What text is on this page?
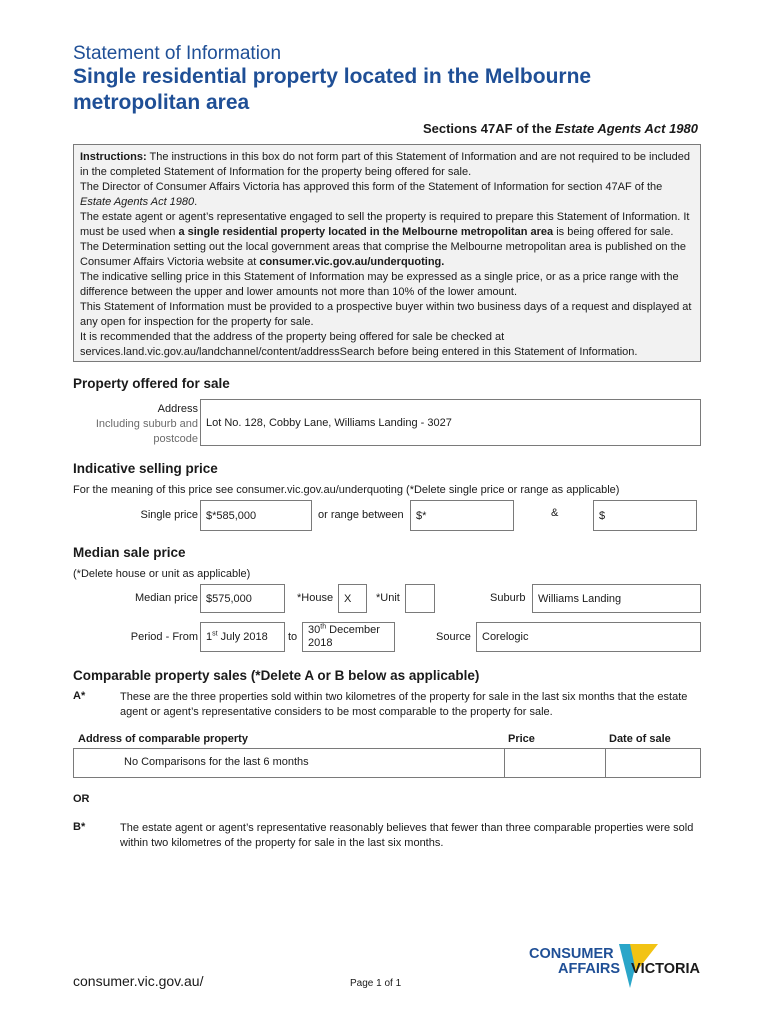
Statement of Information
Single residential property located in the Melbourne metropolitan area
Sections 47AF of the Estate Agents Act 1980

Instructions: The instructions in this box do not form part of this Statement of Information and are not required to be included in the completed Statement of Information for the property being offered for sale.

The Director of Consumer Affairs Victoria has approved this form of the Statement of Information for section 47AF of the Estate Agents Act 1980.

The estate agent or agent’s representative engaged to sell the property is required to prepare this Statement of Information. It must be used when a single residential property located in the Melbourne metropolitan area is being offered for sale. The Determination setting out the local government areas that comprise the Melbourne metropolitan area is published on the Consumer Affairs Victoria website at consumer.vic.gov.au/underquoting.

The indicative selling price in this Statement of Information may be expressed as a single price, or as a price range with the difference between the upper and lower amounts not more than 10% of the lower amount.

This Statement of Information must be provided to a prospective buyer within two business days of a request and displayed at any open for inspection for the property for sale.

It is recommended that the address of the property being offered for sale be checked at services.land.vic.gov.au/landchannel/content/addressSearch before being entered in this Statement of Information.

Property offered for sale
Address
Including suburb and
postcode
Lot No. 128, Cobby Lane, Williams Landing - 3027
Indicative selling price
For the meaning of this price see consumer.vic.gov.au/underquoting (*Delete single price or range as applicable)
Single price $*585,000	or range between $*	&	$
Median sale price
(*Delete house or unit as applicable)
Median price $575,000	*House X *Unit	Suburb Williams Landing
Period - From 1st July 2018 to
30th December
2018	Source Corelogic
Comparable property sales (*Delete A or B below as applicable)
A*	These are the three properties sold within two kilometres of the property for sale in the last six months that the estate agent or agent’s representative considers to be most comparable to the property for sale.
Address of comparable property	Price	Date of sale
No Comparisons for the last 6 months
OR
B*	The estate agent or agent’s representative reasonably believes that fewer than three comparable properties were sold within two kilometres of the property for sale in the last six months.
CONSUMER
AFFAIRS VICTORIA
consumer.vic.gov.au/	Page 1 of 1
